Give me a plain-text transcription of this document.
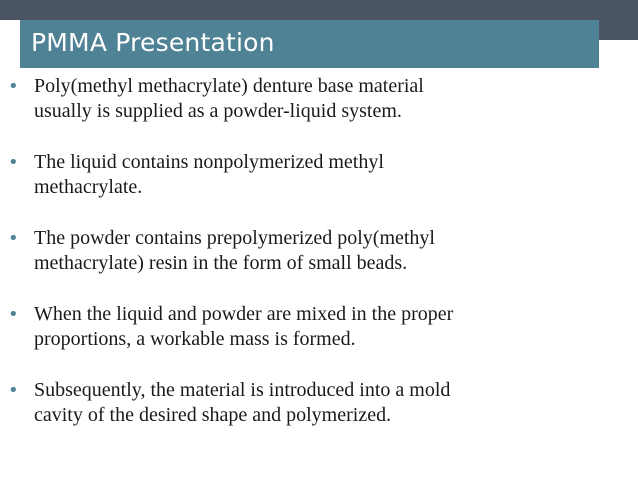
PMMA Presentation
• Poly(methyl methacrylate) denture base material
usually is supplied as a powder-liquid system.
• The liquid contains nonpolymerized methyl
methacrylate.
• The powder contains prepolymerized poly(methyl
methacrylate) resin in the form of small beads.
• When the liquid and powder are mixed in the proper
proportions, a workable mass is formed.
• Subsequently, the material is introduced into a mold
cavity of the desired shape and polymerized.
